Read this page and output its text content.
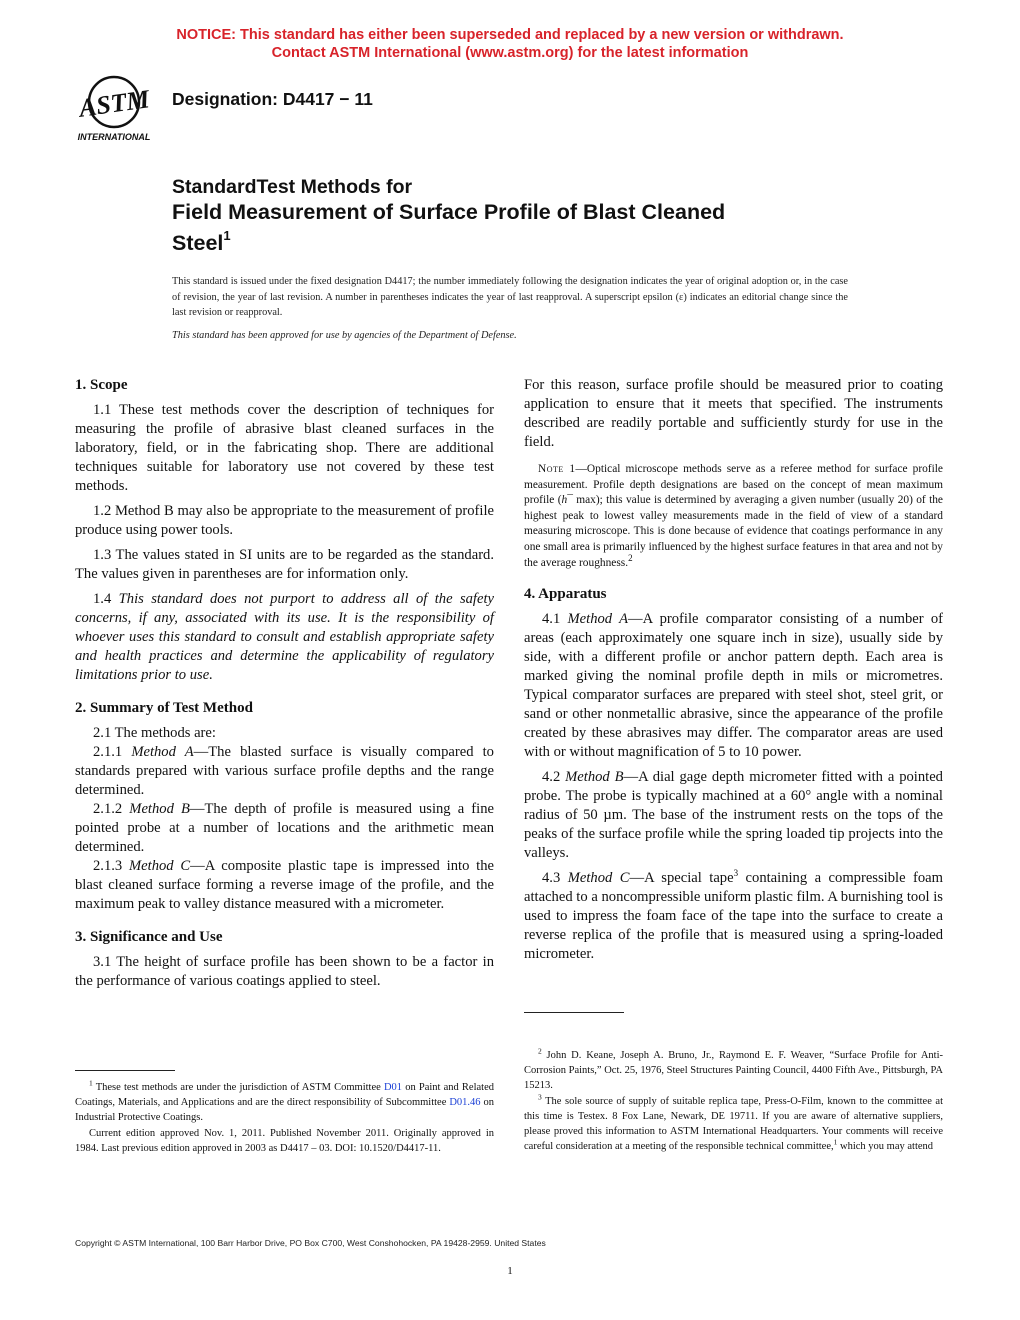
NOTICE: This standard has either been superseded and replaced by a new version or withdrawn.
Contact ASTM International (www.astm.org) for the latest information
ASTM
INTERNATIONAL
Designation: D4417 − 11
StandardTest Methods for
Field Measurement of Surface Profile of Blast Cleaned
Steel$^1$
This standard is issued under the fixed designation D4417; the number immediately following the designation indicates the year of original adoption or, in the case of revision, the year of last revision. A number in parentheses indicates the year of last reapproval. A superscript epsilon (ε) indicates an editorial change since the last revision or reapproval.
This standard has been approved for use by agencies of the Department of Defense.
1. Scope

1.1 These test methods cover the description of techniques for measuring the profile of abrasive blast cleaned surfaces in the laboratory, field, or in the fabricating shop. There are additional techniques suitable for laboratory use not covered by these test methods.

1.2 Method B may also be appropriate to the measurement of profile produce using power tools.

1.3 The values stated in SI units are to be regarded as the standard. The values given in parentheses are for information only.

1.4 This standard does not purport to address all of the safety concerns, if any, associated with its use. It is the responsibility of whoever uses this standard to consult and establish appropriate safety and health practices and determine the applicability of regulatory limitations prior to use.

2. Summary of Test Method

2.1 The methods are:

2.1.1 Method A—The blasted surface is visually compared to standards prepared with various surface profile depths and the range determined.

2.1.2 Method B—The depth of profile is measured using a fine pointed probe at a number of locations and the arithmetic mean determined.

2.1.3 Method C—A composite plastic tape is impressed into the blast cleaned surface forming a reverse image of the profile, and the maximum peak to valley distance measured with a micrometer.

3. Significance and Use

3.1 The height of surface profile has been shown to be a factor in the performance of various coatings applied to steel.

For this reason, surface profile should be measured prior to coating application to ensure that it meets that specified. The instruments described are readily portable and sufficiently sturdy for use in the field.

Note 1—Optical microscope methods serve as a referee method for surface profile measurement. Profile depth designations are based on the concept of mean maximum profile (h¯ max); this value is determined by averaging a given number (usually 20) of the highest peak to lowest valley measurements made in the field of view of a standard measuring microscope. This is done because of evidence that coatings performance in any one small area is primarily influenced by the highest surface features in that area and not by the average roughness.$^2$

4. Apparatus

4.1 Method A—A profile comparator consisting of a number of areas (each approximately one square inch in size), usually side by side, with a different profile or anchor pattern depth. Each area is marked giving the nominal profile depth in mils or micrometres. Typical comparator surfaces are prepared with steel shot, steel grit, or sand or other nonmetallic abrasive, since the appearance of the profile created by these abrasives may differ. The comparator areas are used with or without magnification of 5 to 10 power.

4.2 Method B—A dial gage depth micrometer fitted with a pointed probe. The probe is typically machined at a 60° angle with a nominal radius of 50 µm. The base of the instrument rests on the tops of the peaks of the surface profile while the spring loaded tip projects into the valleys.

4.3 Method C—A special tape$^3$ containing a compressible foam attached to a noncompressible uniform plastic film. A burnishing tool is used to impress the foam face of the tape into the surface to create a reverse replica of the profile that is measured using a spring-loaded micrometer.

$^1$ These test methods are under the jurisdiction of ASTM Committee D01 on Paint and Related Coatings, Materials, and Applications and are the direct responsibility of Subcommittee D01.46 on Industrial Protective Coatings.

Current edition approved Nov. 1, 2011. Published November 2011. Originally approved in 1984. Last previous edition approved in 2003 as D4417 – 03. DOI: 10.1520/D4417-11.

$^2$ John D. Keane, Joseph A. Bruno, Jr., Raymond E. F. Weaver, “Surface Profile for Anti-Corrosion Paints,” Oct. 25, 1976, Steel Structures Painting Council, 4400 Fifth Ave., Pittsburgh, PA 15213.

$^3$ The sole source of supply of suitable replica tape, Press-O-Film, known to the committee at this time is Testex. 8 Fox Lane, Newark, DE 19711. If you are aware of alternative suppliers, please proved this information to ASTM International Headquarters. Your comments will receive careful consideration at a meeting of the responsible technical committee,$^1$ which you may attend

Copyright © ASTM International, 100 Barr Harbor Drive, PO Box C700, West Conshohocken, PA 19428-2959. United States
1
